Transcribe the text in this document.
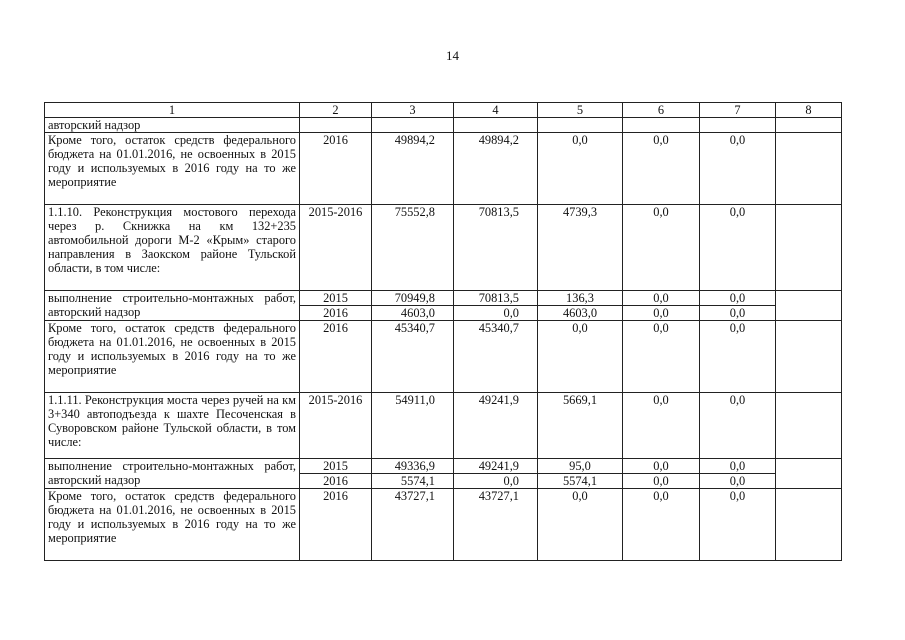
14
1	2	3	4	5	6	7	8
авторский надзор							
Кроме того, остаток средств федерального бюджета на 01.01.2016, не освоенных в 2015 году и используемых в 2016 году на то же мероприятие	2016	49894,2	49894,2	0,0	0,0	0,0	
1.1.10. Реконструкция мостового перехода через р. Скнижка на км 132+235 автомобильной дороги М-2 «Крым» старого направления в Заокском районе Тульской области, в том числе:	2015-2016	75552,8	70813,5	4739,3	0,0	0,0	
выполнение строительно-монтажных работ, авторский надзор	2015	70949,8	70813,5	136,3	0,0	0,0	
	2016	4603,0	0,0	4603,0	0,0	0,0	
Кроме того, остаток средств федерального бюджета на 01.01.2016, не освоенных в 2015 году и используемых в 2016 году на то же мероприятие	2016	45340,7	45340,7	0,0	0,0	0,0	
1.1.11. Реконструкция моста через ручей на км 3+340 автоподъезда к шахте Песоченская в Суворовском районе Тульской области, в том числе:	2015-2016	54911,0	49241,9	5669,1	0,0	0,0	
выполнение строительно-монтажных работ, авторский надзор	2015	49336,9	49241,9	95,0	0,0	0,0	
	2016	5574,1	0,0	5574,1	0,0	0,0	
Кроме того, остаток средств федерального бюджета на 01.01.2016, не освоенных в 2015 году и используемых в 2016 году на то же мероприятие	2016	43727,1	43727,1	0,0	0,0	0,0	
